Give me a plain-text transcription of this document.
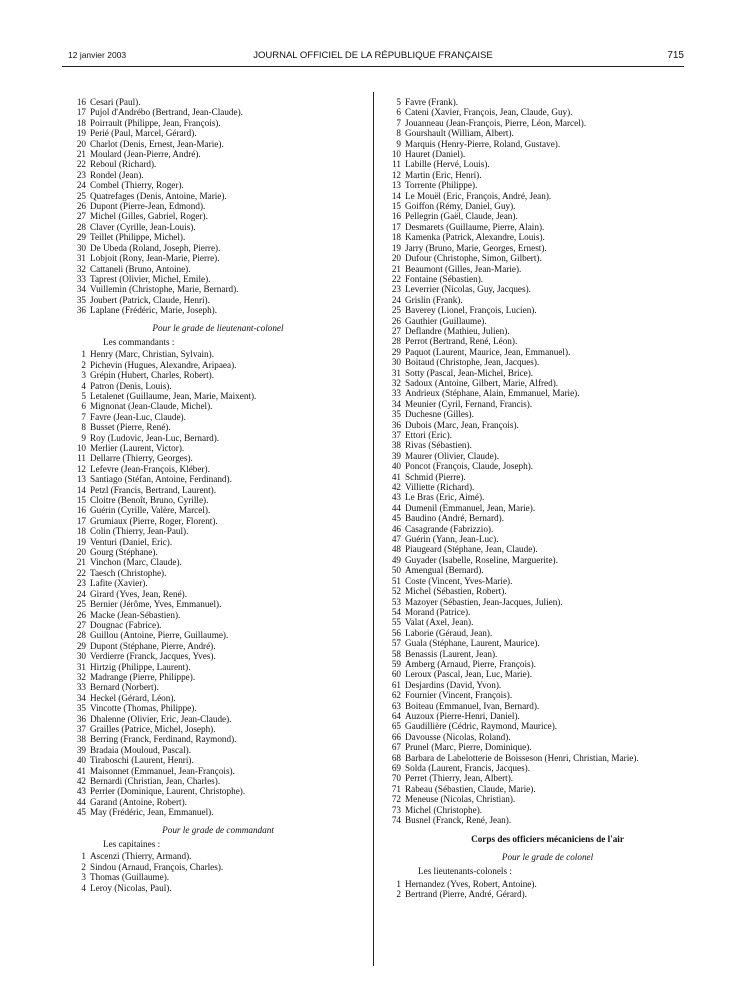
12 janvier 2003	JOURNAL OFFICIEL DE LA RÉPUBLIQUE FRANÇAISE	715
16 Cesari (Paul).
17 Pujol d'Andrébo (Bertrand, Jean-Claude).
18 Poirrault (Philippe, Jean, François).
19 Perié (Paul, Marcel, Gérard).
20 Charlot (Denis, Ernest, Jean-Marie).
21 Moulard (Jean-Pierre, André).
22 Reboul (Richard).
23 Rondel (Jean).
24 Combel (Thierry, Roger).
25 Quatrefages (Denis, Antoine, Marie).
26 Dupont (Pierre-Jean, Edmond).
27 Michel (Gilles, Gabriel, Roger).
28 Claver (Cyrille, Jean-Louis).
29 Teillet (Philippe, Michel).
30 De Ubeda (Roland, Joseph, Pierre).
31 Lobjoit (Rony, Jean-Marie, Pierre).
32 Cattaneli (Bruno, Antoine).
33 Taprest (Olivier, Michel, Emile).
34 Vuillemin (Christophe, Marie, Bernard).
35 Joubert (Patrick, Claude, Henri).
36 Laplane (Frédéric, Marie, Joseph).
Pour le grade de lieutenant-colonel
Les commandants :
1 Henry (Marc, Christian, Sylvain).
2 Pichevin (Hugues, Alexandre, Aripaea).
3 Grépin (Hubert, Charles, Robert).
4 Patron (Denis, Louis).
5 Letalenet (Guillaume, Jean, Marie, Maixent).
6 Mignonat (Jean-Claude, Michel).
7 Favre (Jean-Luc, Claude).
8 Busset (Pierre, René).
9 Roy (Ludovic, Jean-Luc, Bernard).
10 Merlier (Laurent, Victor).
11 Dellarre (Thierry, Georges).
12 Lefevre (Jean-François, Kléber).
13 Santiago (Stéfan, Antoine, Ferdinand).
14 Petzl (Francis, Bertrand, Laurent).
15 Cloitre (Benoît, Bruno, Cyrille).
16 Guérin (Cyrille, Valère, Marcel).
17 Grumiaux (Pierre, Roger, Florent).
18 Colin (Thierry, Jean-Paul).
19 Venturi (Daniel, Eric).
20 Gourg (Stéphane).
21 Vinchon (Marc, Claude).
22 Taesch (Christophe).
23 Lafite (Xavier).
24 Girard (Yves, Jean, René).
25 Bernier (Jérôme, Yves, Emmanuel).
26 Macke (Jean-Sébastien).
27 Dougnac (Fabrice).
28 Guillou (Antoine, Pierre, Guillaume).
29 Dupont (Stéphane, Pierre, André).
30 Verdierre (Franck, Jacques, Yves).
31 Hirtzig (Philippe, Laurent).
32 Madrange (Pierre, Philippe).
33 Bernard (Norbert).
34 Heckel (Gérard, Léon).
35 Vincotte (Thomas, Philippe).
36 Dhalenne (Olivier, Eric, Jean-Claude).
37 Grailles (Patrice, Michel, Joseph).
38 Berring (Franck, Ferdinand, Raymond).
39 Bradaia (Mouloud, Pascal).
40 Tiraboschi (Laurent, Henri).
41 Maisonnet (Emmanuel, Jean-François).
42 Bernardi (Christian, Jean, Charles).
43 Perrier (Dominique, Laurent, Christophe).
44 Garand (Antoine, Robert).
45 May (Frédéric, Jean, Emmanuel).
Pour le grade de commandant
Les capitaines :
1 Ascenzi (Thierry, Armand).
2 Sindou (Arnaud, François, Charles).
3 Thomas (Guillaume).
4 Leroy (Nicolas, Paul).
5 Favre (Frank).
6 Cateni (Xavier, François, Jean, Claude, Guy).
7 Jouanneau (Jean-François, Pierre, Léon, Marcel).
8 Gourshault (William, Albert).
9 Marquis (Henry-Pierre, Roland, Gustave).
10 Hauret (Daniel).
11 Labille (Hervé, Louis).
12 Martin (Eric, Henri).
13 Torrente (Philippe).
14 Le Mouël (Eric, François, André, Jean).
15 Goiffon (Rémy, Daniel, Guy).
16 Pellegrin (Gaël, Claude, Jean).
17 Desmarets (Guillaume, Pierre, Alain).
18 Kamenka (Patrick, Alexandre, Louis).
19 Jarry (Bruno, Marie, Georges, Ernest).
20 Dufour (Christophe, Simon, Gilbert).
21 Beaumont (Gilles, Jean-Marie).
22 Fontaine (Sébastien).
23 Leverrier (Nicolas, Guy, Jacques).
24 Grislin (Frank).
25 Baverey (Lionel, François, Lucien).
26 Gauthier (Guillaume).
27 Deflandre (Mathieu, Julien).
28 Perrot (Bertrand, René, Léon).
29 Paquot (Laurent, Maurice, Jean, Emmanuel).
30 Boitaud (Christophe, Jean, Jacques).
31 Sotty (Pascal, Jean-Michel, Brice).
32 Sadoux (Antoine, Gilbert, Marie, Alfred).
33 Andrieux (Stéphane, Alain, Emmanuel, Marie).
34 Meunier (Cyril, Fernand, Francis).
35 Duchesne (Gilles).
36 Dubois (Marc, Jean, François).
37 Ettori (Eric).
38 Rivas (Sébastien).
39 Maurer (Olivier, Claude).
40 Poncot (François, Claude, Joseph).
41 Schmid (Pierre).
42 Villiette (Richard).
43 Le Bras (Eric, Aimé).
44 Dumenil (Emmanuel, Jean, Marie).
45 Baudino (André, Bernard).
46 Casagrande (Fabrizzio).
47 Guérin (Yann, Jean-Luc).
48 Piaugeard (Stéphane, Jean, Claude).
49 Guyader (Isabelle, Roseline, Marguerite).
50 Amengual (Bernard).
51 Coste (Vincent, Yves-Marie).
52 Michel (Sébastien, Robert).
53 Mazoyer (Sébastien, Jean-Jacques, Julien).
54 Morand (Patrice).
55 Valat (Axel, Jean).
56 Laborie (Géraud, Jean).
57 Guala (Stéphane, Laurent, Maurice).
58 Benassis (Laurent, Jean).
59 Amberg (Arnaud, Pierre, François).
60 Leroux (Pascal, Jean, Luc, Marie).
61 Desjardins (David, Yvon).
62 Fournier (Vincent, François).
63 Boiteau (Emmanuel, Ivan, Bernard).
64 Auzoux (Pierre-Henri, Daniel).
65 Gaudillière (Cédric, Raymond, Maurice).
66 Davousse (Nicolas, Roland).
67 Prunel (Marc, Pierre, Dominique).
68 Barbara de Labelotterie de Boisseson (Henri, Christian, Marie).
69 Solda (Laurent, Francis, Jacques).
70 Perret (Thierry, Jean, Albert).
71 Rabeau (Sébastien, Claude, Marie).
72 Meneuse (Nicolas, Christian).
73 Michel (Christophe).
74 Busnel (Franck, René, Jean).
Corps des officiers mécaniciens de l'air
Pour le grade de colonel
Les lieutenants-colonels :
1 Hernandez (Yves, Robert, Antoine).
2 Bertrand (Pierre, André, Gérard).
